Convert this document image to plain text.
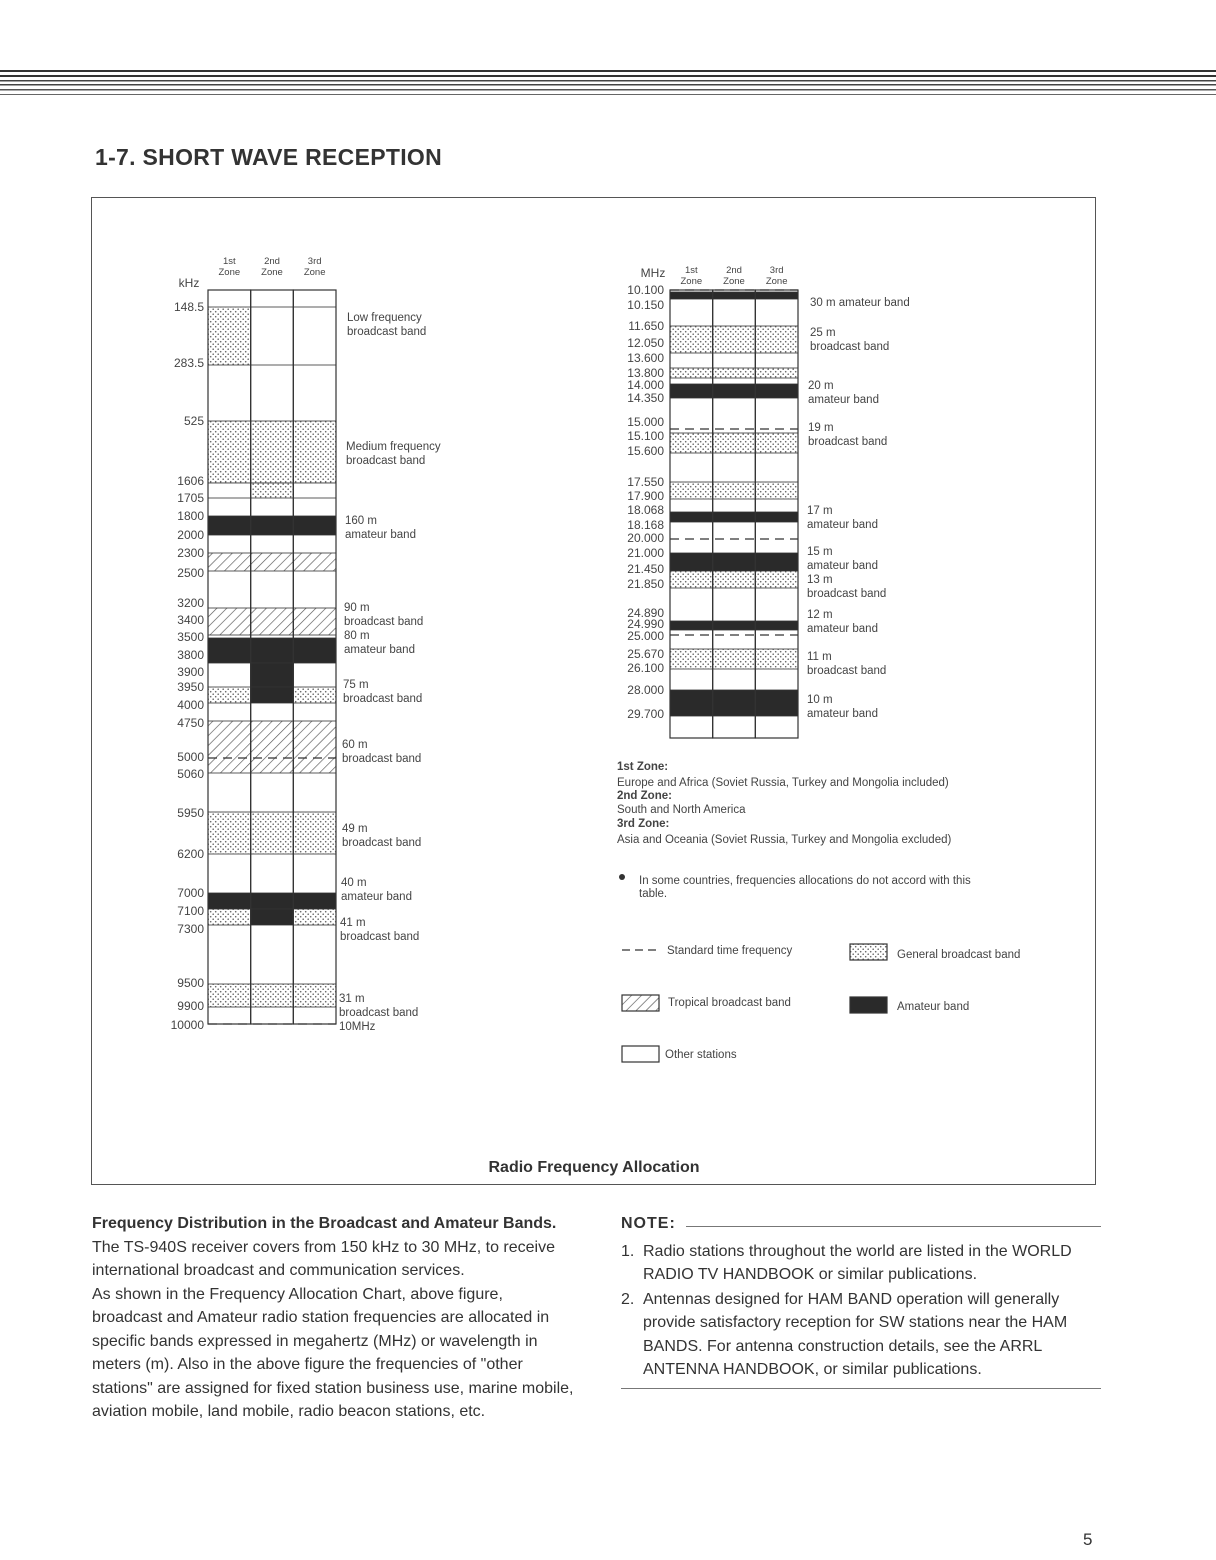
1-7. SHORT WAVE RECEPTION
kHz
1st
Zone
2nd
Zone
3rd
Zone
148.5
283.5
525
1606
1705
1800
2000
2300
2500
3200
3400
3500
3800
3900
3950
4000
4750
5000
5060
5950
6200
7000
7100
7300
9500
9900
10000
Low frequency
broadcast band
Medium frequency
broadcast band
160 m
amateur band
90 m
broadcast band
80 m
amateur band
75 m
broadcast band
60 m
broadcast band
49 m
broadcast band
40 m
amateur band
41 m
broadcast band
31 m
broadcast band
10MHz
MHz 1st
Zone
2nd
Zone
3rd
Zone
10.100
10.150
11.650
12.050
13.600
13.800
14.000
14.350
15.000
15.100
15.600
17.550
17.900
18.068
18.168
20.000
21.000
21.450
21.850
24.890
24.990
25.000
25.670
26.100
28.000
29.700
30 m amateur band
25 m
broadcast band
20 m
amateur band
19 m
broadcast band
17 m
amateur band
15 m
amateur band
13 m
broadcast band
12 m
amateur band
11 m
broadcast band
10 m
amateur band
1st Zone:
Europe and Africa (Soviet Russia, Turkey and Mongolia included)
2nd Zone:
South and North America
3rd Zone:
Asia and Oceania (Soviet Russia, Turkey and Mongolia excluded)
In some countries, frequencies allocations do not accord with this
table.
Standard time frequency	General broadcast band
Tropical broadcast band	Amateur band
Other stations
Radio Frequency Allocation
Frequency Distribution in the Broadcast and Amateur Bands.

The TS-940S receiver covers from 150 kHz to 30 MHz, to receive international broadcast and communication services.

As shown in the Frequency Allocation Chart, above figure, broadcast and Amateur radio station frequencies are allocated in specific bands expressed in megahertz (MHz) or wavelength in meters (m). Also in the above figure the frequencies of "other stations" are assigned for fixed station business use, marine mobile, aviation mobile, land mobile, radio beacon stations, etc.

NOTE:
1. Radio stations throughout the world are listed in the WORLD RADIO TV HANDBOOK or similar publications.
2. Antennas designed for HAM BAND operation will generally provide satisfactory reception for SW stations near the HAM BANDS. For antenna construction details, see the ARRL ANTENNA HANDBOOK, or similar publications.
5
